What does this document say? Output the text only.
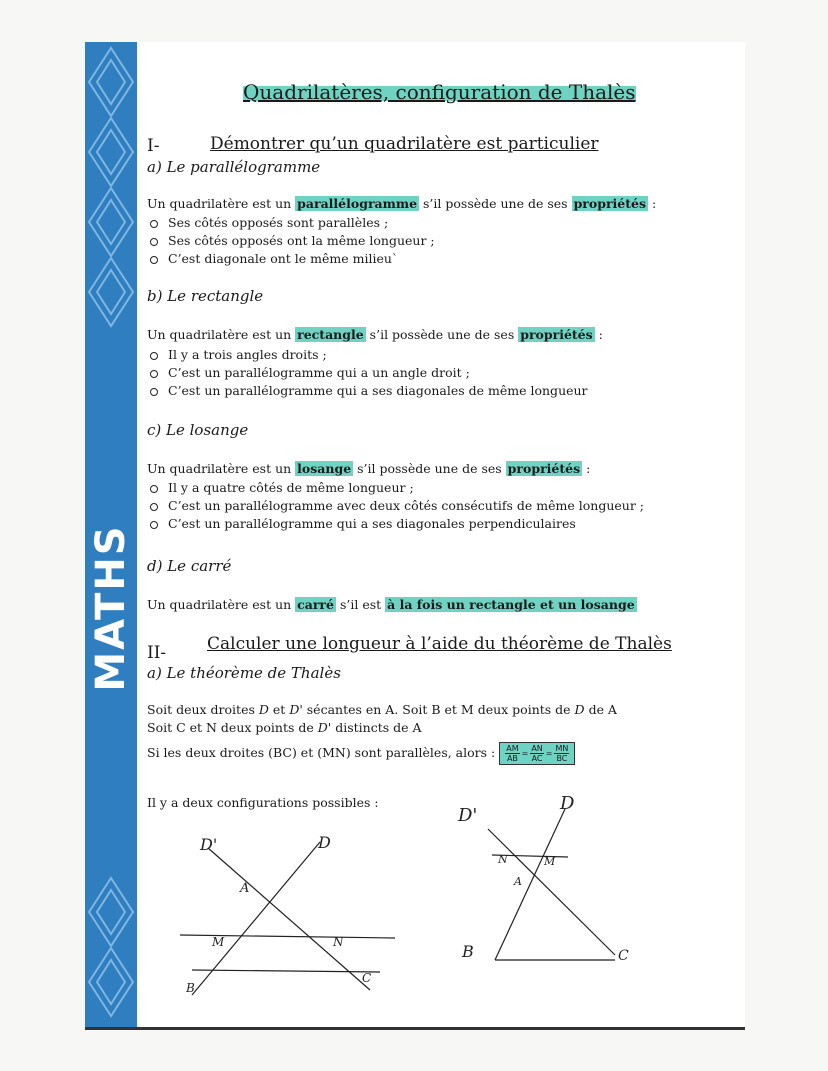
MATHS
Quadrilatères, configuration de Thalès
I-	Démontrer qu’un quadrilatère est particulier
a) Le parallélogramme
Un quadrilatère est un parallélogramme s’il possède une de ses propriétés :
Ses côtés opposés sont parallèles ;
Ses côtés opposés ont la même longueur ;
C’est diagonale ont le même milieu`
b) Le rectangle
Un quadrilatère est un rectangle s’il possède une de ses propriétés :
Il y a trois angles droits ;
C’est un parallélogramme qui a un angle droit ;
C’est un parallélogramme qui a ses diagonales de même longueur
c) Le losange
Un quadrilatère est un losange s’il possède une de ses propriétés :
Il y a quatre côtés de même longueur ;
C’est un parallélogramme avec deux côtés consécutifs de même longueur ;
C’est un parallélogramme qui a ses diagonales perpendiculaires
d) Le carré
Un quadrilatère est un carré s’il est à la fois un rectangle et un losange
II- Calculer une longueur à l’aide du théorème de Thalès
a) Le théorème de Thalès
Soit deux droites D et D' sécantes en A. Soit B et M deux points de D de A
Soit C et N deux points de D' distincts de A
Si les deux droites (BC) et (MN) sont parallèles, alors : $\frac{AM}{AB} = \frac{AN}{AC} = \frac{MN}{BC}$
Il y a deux configurations possibles :
D'	D
A
M	N
B
C
D'
D
N	M
A
B	C
